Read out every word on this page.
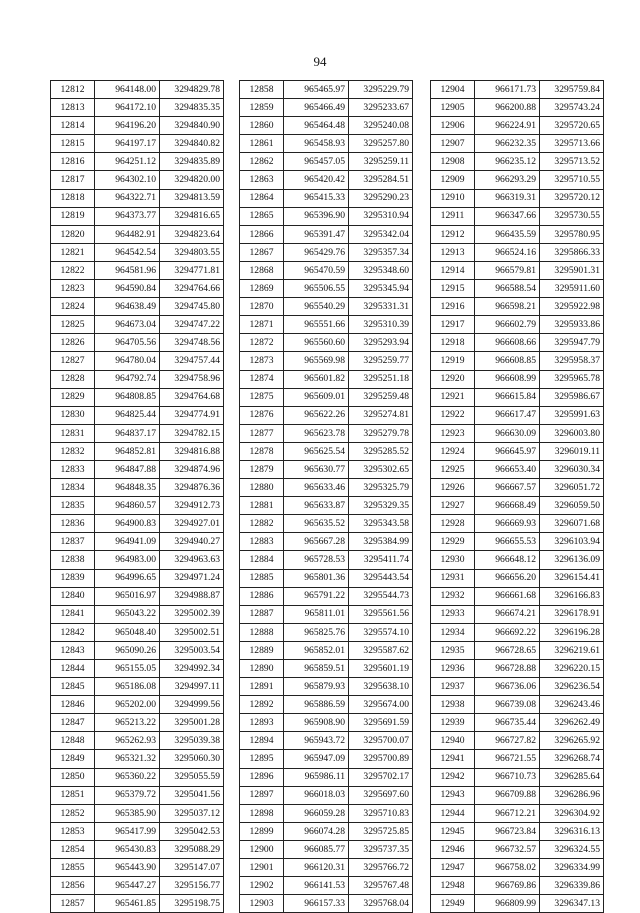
94
12812	964148.00	3294829.78
12813	964172.10	3294835.35
12814	964196.20	3294840.90
12815	964197.17	3294840.82
12816	964251.12	3294835.89
12817	964302.10	3294820.00
12818	964322.71	3294813.59
12819	964373.77	3294816.65
12820	964482.91	3294823.64
12821	964542.54	3294803.55
12822	964581.96	3294771.81
12823	964590.84	3294764.66
12824	964638.49	3294745.80
12825	964673.04	3294747.22
12826	964705.56	3294748.56
12827	964780.04	3294757.44
12828	964792.74	3294758.96
12829	964808.85	3294764.68
12830	964825.44	3294774.91
12831	964837.17	3294782.15
12832	964852.81	3294816.88
12833	964847.88	3294874.96
12834	964848.35	3294876.36
12835	964860.57	3294912.73
12836	964900.83	3294927.01
12837	964941.09	3294940.27
12838	964983.00	3294963.63
12839	964996.65	3294971.24
12840	965016.97	3294988.87
12841	965043.22	3295002.39
12842	965048.40	3295002.51
12843	965090.26	3295003.54
12844	965155.05	3294992.34
12845	965186.08	3294997.11
12846	965202.00	3294999.56
12847	965213.22	3295001.28
12848	965262.93	3295039.38
12849	965321.32	3295060.30
12850	965360.22	3295055.59
12851	965379.72	3295041.56
12852	965385.90	3295037.12
12853	965417.99	3295042.53
12854	965430.83	3295088.29
12855	965443.90	3295147.07
12856	965447.27	3295156.77
12857	965461.85	3295198.75
12858	965465.97	3295229.79
12859	965466.49	3295233.67
12860	965464.48	3295240.08
12861	965458.93	3295257.80
12862	965457.05	3295259.11
12863	965420.42	3295284.51
12864	965415.33	3295290.23
12865	965396.90	3295310.94
12866	965391.47	3295342.04
12867	965429.76	3295357.34
12868	965470.59	3295348.60
12869	965506.55	3295345.94
12870	965540.29	3295331.31
12871	965551.66	3295310.39
12872	965560.60	3295293.94
12873	965569.98	3295259.77
12874	965601.82	3295251.18
12875	965609.01	3295259.48
12876	965622.26	3295274.81
12877	965623.78	3295279.78
12878	965625.54	3295285.52
12879	965630.77	3295302.65
12880	965633.46	3295325.79
12881	965633.87	3295329.35
12882	965635.52	3295343.58
12883	965667.28	3295384.99
12884	965728.53	3295411.74
12885	965801.36	3295443.54
12886	965791.22	3295544.73
12887	965811.01	3295561.56
12888	965825.76	3295574.10
12889	965852.01	3295587.62
12890	965859.51	3295601.19
12891	965879.93	3295638.10
12892	965886.59	3295674.00
12893	965908.90	3295691.59
12894	965943.72	3295700.07
12895	965947.09	3295700.89
12896	965986.11	3295702.17
12897	966018.03	3295697.60
12898	966059.28	3295710.83
12899	966074.28	3295725.85
12900	966085.77	3295737.35
12901	966120.31	3295766.72
12902	966141.53	3295767.48
12903	966157.33	3295768.04
12904	966171.73	3295759.84
12905	966200.88	3295743.24
12906	966224.91	3295720.65
12907	966232.35	3295713.66
12908	966235.12	3295713.52
12909	966293.29	3295710.55
12910	966319.31	3295720.12
12911	966347.66	3295730.55
12912	966435.59	3295780.95
12913	966524.16	3295866.33
12914	966579.81	3295901.31
12915	966588.54	3295911.60
12916	966598.21	3295922.98
12917	966602.79	3295933.86
12918	966608.66	3295947.79
12919	966608.85	3295958.37
12920	966608.99	3295965.78
12921	966615.84	3295986.67
12922	966617.47	3295991.63
12923	966630.09	3296003.80
12924	966645.97	3296019.11
12925	966653.40	3296030.34
12926	966667.57	3296051.72
12927	966668.49	3296059.50
12928	966669.93	3296071.68
12929	966655.53	3296103.94
12930	966648.12	3296136.09
12931	966656.20	3296154.41
12932	966661.68	3296166.83
12933	966674.21	3296178.91
12934	966692.22	3296196.28
12935	966728.65	3296219.61
12936	966728.88	3296220.15
12937	966736.06	3296236.54
12938	966739.08	3296243.46
12939	966735.44	3296262.49
12940	966727.82	3296265.92
12941	966721.55	3296268.74
12942	966710.73	3296285.64
12943	966709.88	3296286.96
12944	966712.21	3296304.92
12945	966723.84	3296316.13
12946	966732.57	3296324.55
12947	966758.02	3296334.99
12948	966769.86	3296339.86
12949	966809.99	3296347.13
